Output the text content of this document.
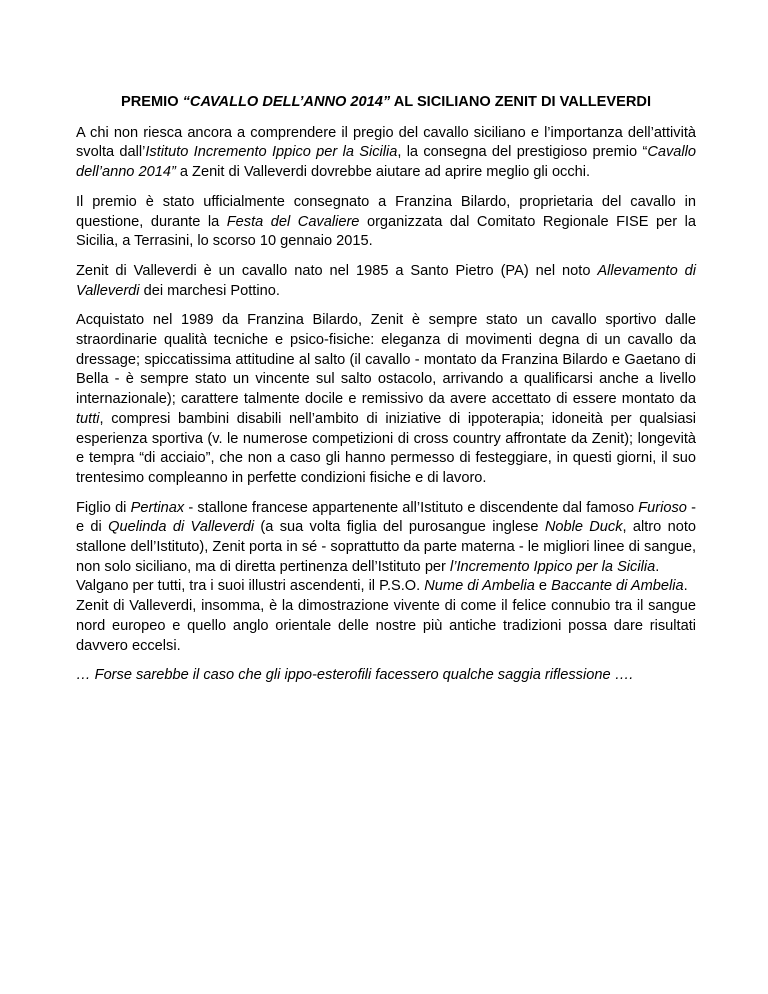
PREMIO “CAVALLO DELL’ANNO 2014” AL SICILIANO ZENIT DI VALLEVERDI

A chi non riesca ancora a comprendere il pregio del cavallo siciliano e l’importanza dell’attività svolta dall’Istituto Incremento Ippico per la Sicilia, la consegna del prestigioso premio “Cavallo dell’anno 2014” a Zenit di Valleverdi dovrebbe aiutare ad aprire meglio gli occhi.

Il premio è stato ufficialmente consegnato a Franzina Bilardo, proprietaria del cavallo in questione, durante la Festa del Cavaliere organizzata dal Comitato Regionale FISE per la Sicilia, a Terrasini, lo scorso 10 gennaio 2015.

Zenit di Valleverdi è un cavallo nato nel 1985 a Santo Pietro (PA) nel noto Allevamento di Valleverdi dei marchesi Pottino.

Acquistato nel 1989 da Franzina Bilardo, Zenit è sempre stato un cavallo sportivo dalle straordinarie qualità tecniche e psico-fisiche: eleganza di movimenti degna di un cavallo da dressage; spiccatissima attitudine al salto (il cavallo - montato da Franzina Bilardo e Gaetano di Bella - è sempre stato un vincente sul salto ostacolo, arrivando a qualificarsi anche a livello internazionale); carattere talmente docile e remissivo da avere accettato di essere montato da tutti, compresi bambini disabili nell’ambito di iniziative di ippoterapia; idoneità per qualsiasi esperienza sportiva (v. le numerose competizioni di cross country affrontate da Zenit); longevità e tempra “di acciaio”, che non a caso gli hanno permesso di festeggiare, in questi giorni, il suo trentesimo compleanno in perfette condizioni fisiche e di lavoro.

Figlio di Pertinax - stallone francese appartenente all’Istituto e discendente dal famoso Furioso - e di Quelinda di Valleverdi (a sua volta figlia del purosangue inglese Noble Duck, altro noto stallone dell’Istituto), Zenit porta in sé - soprattutto da parte materna - le migliori linee di sangue, non solo siciliano, ma di diretta pertinenza dell’Istituto per l’Incremento Ippico per la Sicilia.

Valgano per tutti, tra i suoi illustri ascendenti, il P.S.O. Nume di Ambelia e Baccante di Ambelia.

Zenit di Valleverdi, insomma, è la dimostrazione vivente di come il felice connubio tra il sangue nord europeo e quello anglo orientale delle nostre più antiche tradizioni possa dare risultati davvero eccelsi.

… Forse sarebbe il caso che gli ippo-esterofili facessero qualche saggia riflessione ….
